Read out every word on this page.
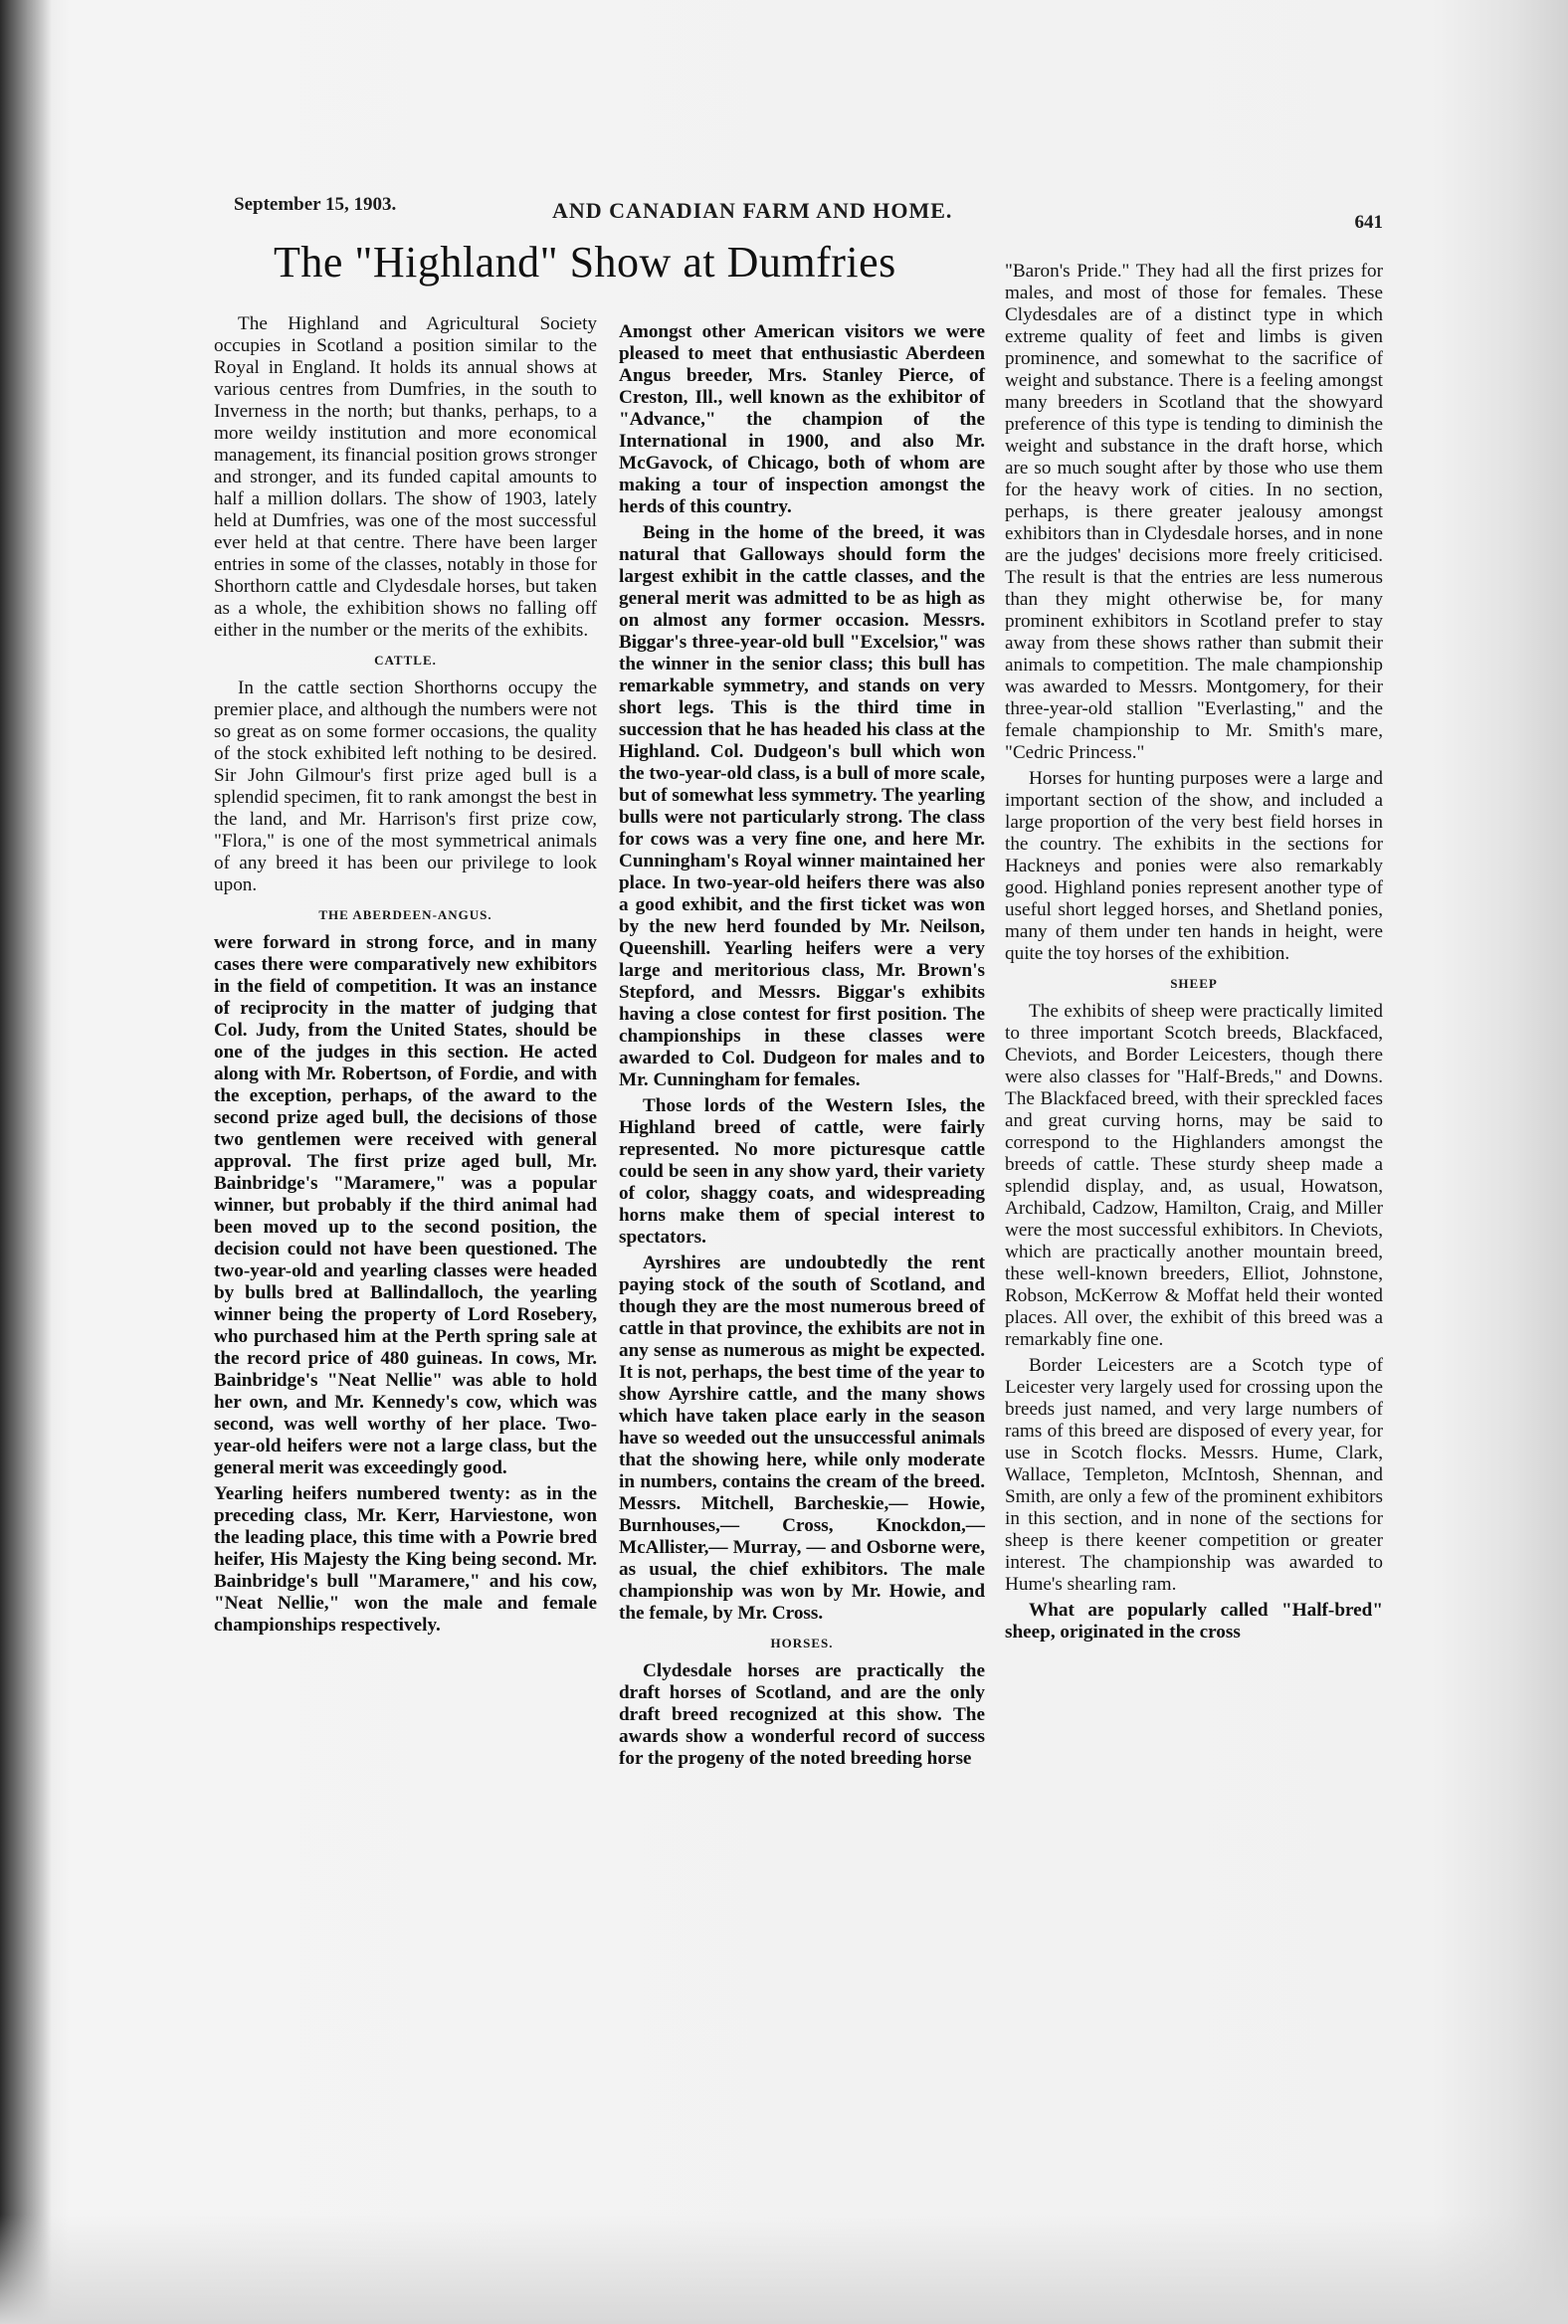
September 15, 1903.	AND CANADIAN FARM AND HOME.	641
The "Highland" Show at Dumfries

The Highland and Agricultural Society occupies in Scotland a position similar to the Royal in England. It holds its annual shows at various centres from Dumfries, in the south to Inverness in the north; but thanks, perhaps, to a more weildy institution and more economical management, its financial position grows stronger and stronger, and its funded capital amounts to half a million dollars. The show of 1903, lately held at Dumfries, was one of the most successful ever held at that centre. There have been larger entries in some of the classes, notably in those for Shorthorn cattle and Clydesdale horses, but taken as a whole, the exhibition shows no falling off either in the number or the merits of the exhibits.

CATTLE.

In the cattle section Shorthorns occupy the premier place, and although the numbers were not so great as on some former occasions, the quality of the stock exhibited left nothing to be desired. Sir John Gilmour's first prize aged bull is a splendid specimen, fit to rank amongst the best in the land, and Mr. Harrison's first prize cow, "Flora," is one of the most symmetrical animals of any breed it has been our privilege to look upon.

THE ABERDEEN-ANGUS.

were forward in strong force, and in many cases there were comparatively new exhibitors in the field of competition. It was an instance of reciprocity in the matter of judging that Col. Judy, from the United States, should be one of the judges in this section. He acted along with Mr. Robertson, of Fordie, and with the exception, perhaps, of the award to the second prize aged bull, the decisions of those two gentlemen were received with general approval. The first prize aged bull, Mr. Bainbridge's "Maramere," was a popular winner, but probably if the third animal had been moved up to the second position, the decision could not have been questioned. The two-year-old and yearling classes were headed by bulls bred at Ballindalloch, the yearling winner being the property of Lord Rosebery, who purchased him at the Perth spring sale at the record price of 480 guineas. In cows, Mr. Bainbridge's "Neat Nellie" was able to hold her own, and Mr. Kennedy's cow, which was second, was well worthy of her place. Two-year-old heifers were not a large class, but the general merit was exceedingly good.

Yearling heifers numbered twenty: as in the preceding class, Mr. Kerr, Harviestone, won the leading place, this time with a Powrie bred heifer, His Majesty the King being second. Mr. Bainbridge's bull "Maramere," and his cow, "Neat Nellie," won the male and female championships respectively.

Amongst other American visitors we were pleased to meet that enthusiastic Aberdeen Angus breeder, Mrs. Stanley Pierce, of Creston, Ill., well known as the exhibitor of "Advance," the champion of the International in 1900, and also Mr. McGavock, of Chicago, both of whom are making a tour of inspection amongst the herds of this country.

Being in the home of the breed, it was natural that Galloways should form the largest exhibit in the cattle classes, and the general merit was admitted to be as high as on almost any former occasion. Messrs. Biggar's three-year-old bull "Excelsior," was the winner in the senior class; this bull has remarkable symmetry, and stands on very short legs. This is the third time in succession that he has headed his class at the Highland. Col. Dudgeon's bull which won the two-year-old class, is a bull of more scale, but of somewhat less symmetry. The yearling bulls were not particularly strong. The class for cows was a very fine one, and here Mr. Cunningham's Royal winner maintained her place. In two-year-old heifers there was also a good exhibit, and the first ticket was won by the new herd founded by Mr. Neilson, Queenshill. Yearling heifers were a very large and meritorious class, Mr. Brown's Stepford, and Messrs. Biggar's exhibits having a close contest for first position. The championships in these classes were awarded to Col. Dudgeon for males and to Mr. Cunningham for females.

Those lords of the Western Isles, the Highland breed of cattle, were fairly represented. No more picturesque cattle could be seen in any show yard, their variety of color, shaggy coats, and widespreading horns make them of special interest to spectators.

Ayrshires are undoubtedly the rent paying stock of the south of Scotland, and though they are the most numerous breed of cattle in that province, the exhibits are not in any sense as numerous as might be expected. It is not, perhaps, the best time of the year to show Ayrshire cattle, and the many shows which have taken place early in the season have so weeded out the unsuccessful animals that the showing here, while only moderate in numbers, contains the cream of the breed. Messrs. Mitchell, Barcheskie,— Howie, Burnhouses,— Cross, Knockdon,— McAllister,— Murray, — and Osborne were, as usual, the chief exhibitors. The male championship was won by Mr. Howie, and the female, by Mr. Cross.

HORSES.

Clydesdale horses are practically the draft horses of Scotland, and are the only draft breed recognized at this show. The awards show a wonderful record of success for the progeny of the noted breeding horse

"Baron's Pride." They had all the first prizes for males, and most of those for females. These Clydesdales are of a distinct type in which extreme quality of feet and limbs is given prominence, and somewhat to the sacrifice of weight and substance. There is a feeling amongst many breeders in Scotland that the showyard preference of this type is tending to diminish the weight and substance in the draft horse, which are so much sought after by those who use them for the heavy work of cities. In no section, perhaps, is there greater jealousy amongst exhibitors than in Clydesdale horses, and in none are the judges' decisions more freely criticised. The result is that the entries are less numerous than they might otherwise be, for many prominent exhibitors in Scotland prefer to stay away from these shows rather than submit their animals to competition. The male championship was awarded to Messrs. Montgomery, for their three-year-old stallion "Everlasting," and the female championship to Mr. Smith's mare, "Cedric Princess."

Horses for hunting purposes were a large and important section of the show, and included a large proportion of the very best field horses in the country. The exhibits in the sections for Hackneys and ponies were also remarkably good. Highland ponies represent another type of useful short legged horses, and Shetland ponies, many of them under ten hands in height, were quite the toy horses of the exhibition.

SHEEP

The exhibits of sheep were practically limited to three important Scotch breeds, Blackfaced, Cheviots, and Border Leicesters, though there were also classes for "Half-Breds," and Downs. The Blackfaced breed, with their spreckled faces and great curving horns, may be said to correspond to the Highlanders amongst the breeds of cattle. These sturdy sheep made a splendid display, and, as usual, Howatson, Archibald, Cadzow, Hamilton, Craig, and Miller were the most successful exhibitors. In Cheviots, which are practically another mountain breed, these well-known breeders, Elliot, Johnstone, Robson, McKerrow & Moffat held their wonted places. All over, the exhibit of this breed was a remarkably fine one.

Border Leicesters are a Scotch type of Leicester very largely used for crossing upon the breeds just named, and very large numbers of rams of this breed are disposed of every year, for use in Scotch flocks. Messrs. Hume, Clark, Wallace, Templeton, McIntosh, Shennan, and Smith, are only a few of the prominent exhibitors in this section, and in none of the sections for sheep is there keener competition or greater interest. The championship was awarded to Hume's shearling ram.

What are popularly called "Half-bred" sheep, originated in the cross
